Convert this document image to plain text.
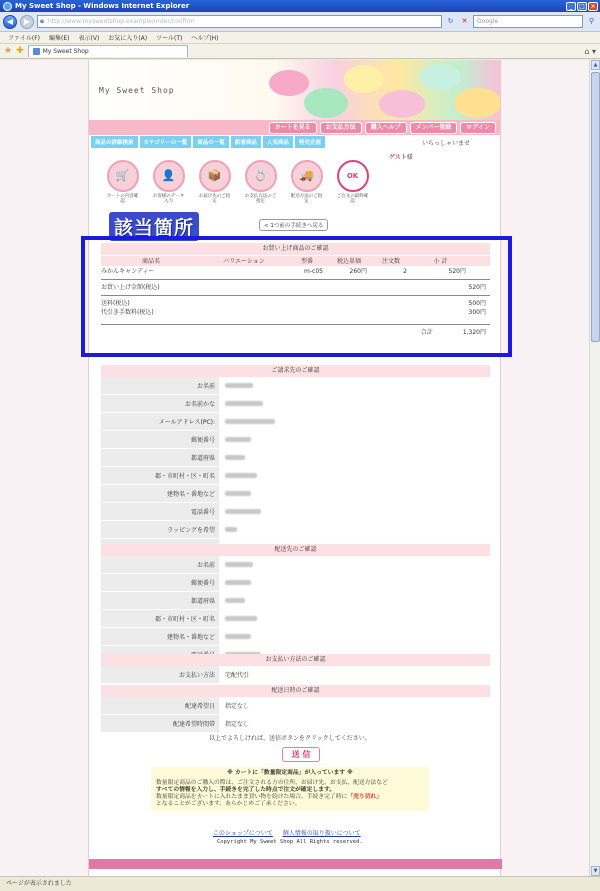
My Sweet Shop - Windows Internet Explorer	_	□ ×
◀	▶
e	http://www.mysweetshop.example/order/confirm	↻	✕	Google	⚲
ファイル(F) 編集(E) 表示(V) お気に入り(A) ツール(T) ヘルプ(H)
★ ✚	My Sweet Shop	⌂ ▾
My Sweet Shop
カートを見る	お支払方法	購入ヘルプ	メンバー登録	ログイン
商品の詳細検索	カテゴリーの一覧	商品の一覧	新着商品	人気商品	特売企画	いらっしゃいませ
ゲスト様
🛒
カートの内容確認
👤
お客様のデータ入力
📦
お届け先のご指定
💍
お支払方法のご指定
🚚
配送方法のご指定
OK
ご注文の最終確認
< 1つ前の手続きへ戻る
該当箇所
お買い上げ商品のご確認
商品名	バリエーション	型番	税込単価	注文数	小 計
みかんキャンディー	m-c05	260円	2	520円
お買い上げ金額(税込)	520円
送料(税込)	500円
代引き手数料(税込)	300円
合計	1,320円
ご請求先のご確認
お名前
お名前かな
メールアドレス(PC):
郵便番号
都道府県
郡・市町村・区・町名
建物名・番地など
電話番号
ラッピングを希望
配送先のご確認
お名前
郵便番号
都道府県
郡・市町村・区・町名
建物名・番地など
お支払い方法のご確認
お支払い方法	宅配代引
配送日時のご確認
配達希望日	指定なし
配達希望時間帯	指定なし
以上でよろしければ、送信ボタンをクリックしてください。
送 信
※ カートに「数量限定商品」が入っています ※
数量限定商品のご購入の際は、ご注文される方の住所、お届け先、お支払、配送方法など
すべての情報を入力し、手続きを完了した時点で注文が確定します。
数量限定商品をカートに入れたまま買い物を続けた場合、手続き完了時に「売り切れ」
となることがございます。あらかじめご了承ください。
このショップについて 個人情報の取り扱いについて
Copyright My Sweet Shop All Rights reserved.
▲
▼
ページが表示されました
